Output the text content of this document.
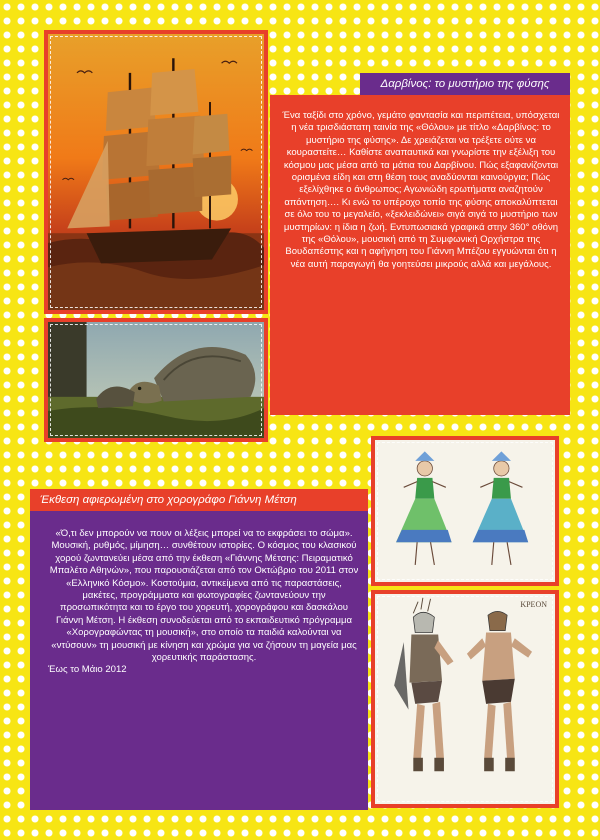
Δαρβίνος: το μυστήριο της φύσης

Ένα ταξίδι στο χρόνο, γεμάτο φαντασία και περιπέτεια, υπόσχεται η νέα τρισδιάστατη ταινία της «Θόλου» με τίτλο «Δαρβίνος: το μυστήριο της φύσης». Δε χρειάζεται να τρέξετε ούτε να κουραστείτε… Καθίστε αναπαυτικά και γνωρίστε την εξέλιξη του κόσμου μας μέσα από τα μάτια του Δαρβίνου. Πώς εξαφανίζονται ορισμένα είδη και στη θέση τους αναδύονται καινούργια; Πώς εξελίχθηκε ο άνθρωπος; Αγωνιώδη ερωτήματα αναζητούν απάντηση…. Κι ενώ το υπέροχο τοπίο της φύσης αποκαλύπτεται σε όλο του το μεγαλείο, «ξεκλειδώνει» σιγά σιγά το μυστήριο των μυστηρίων: η ίδια η ζωή. Εντυπωσιακά γραφικά στην 360° οθόνη της «Θόλου», μουσική από τη Συμφωνική Ορχήστρα της Βουδαπέστης και η αφήγηση του Γιάννη Μπέζου εγγυώνται ότι η νέα αυτή παραγωγή θα γοητεύσει μικρούς αλλά και μεγάλους.

Έκθεση αφιερωμένη στο χορογράφο Γιάννη Μέτση

«Ό,τι δεν μπορούν να πουν οι λέξεις μπορεί να το εκφράσει το σώμα». Μουσική, ρυθμός, μίμηση… συνθέτουν ιστορίες. Ο κόσμος του κλασικού χορού ζωντανεύει μέσα από την έκθεση «Γιάννης Μέτσης: Πειραματικό Μπαλέτο Αθηνών», που παρουσιάζεται από τον Οκτώβριο του 2011 στον «Ελληνικό Κόσμο». Κοστούμια, αντικείμενα από τις παραστάσεις, μακέτες, προγράμματα και φωτογραφίες ζωντανεύουν την προσωπικότητα και το έργο του χορευτή, χορογράφου και δασκάλου Γιάννη Μέτση. Η έκθεση συνοδεύεται από το εκπαιδευτικό πρόγραμμα «Χορογραφώντας τη μουσική», στο οποίο τα παιδιά καλούνται να «ντύσουν» τη μουσική με κίνηση και χρώμα για να ζήσουν τη μαγεία μας χορευτικής παράστασης.
Έως το Μάιο 2012

ΚΡΕΟΝ
